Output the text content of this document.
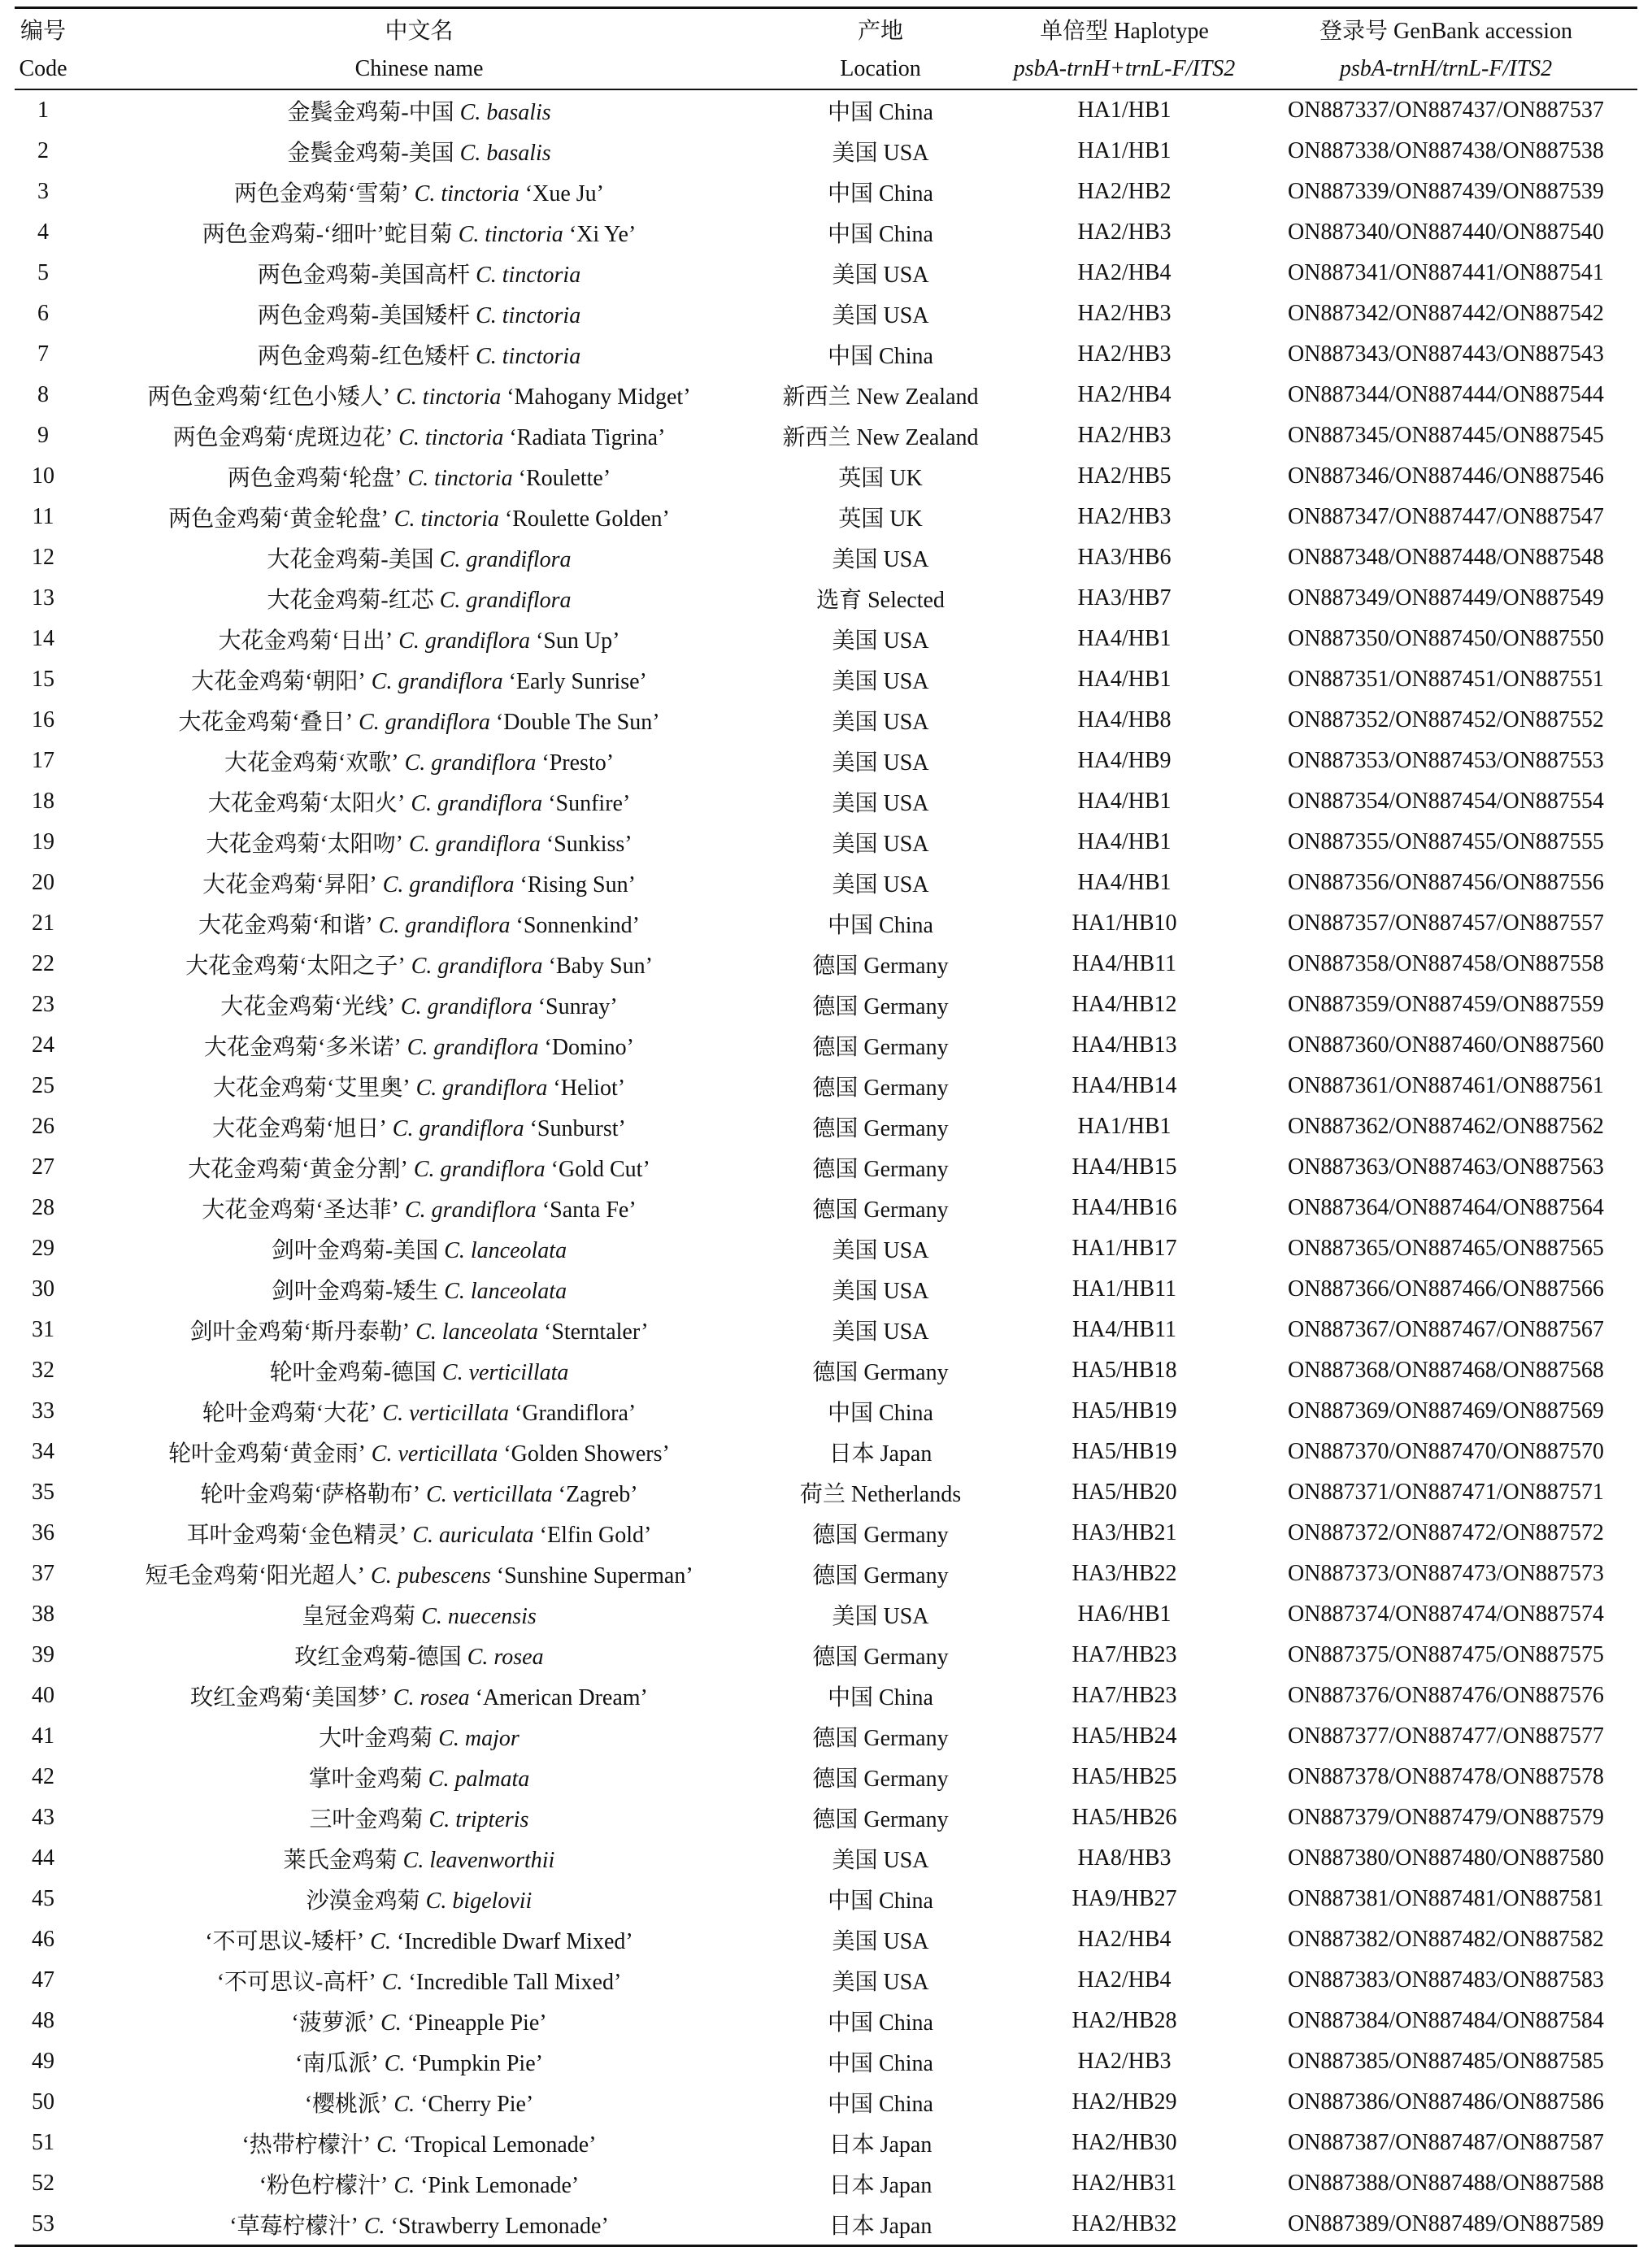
编号	中文名	产地	单倍型 Haplotype	登录号 GenBank accession
Code	Chinese name	Location	psbA-trnH+trnL-F/ITS2	psbA-trnH/trnL-F/ITS2
1	金鬓金鸡菊-中国 C. basalis	中国 China	HA1/HB1	ON887337/ON887437/ON887537
2	金鬓金鸡菊-美国 C. basalis	美国 USA	HA1/HB1	ON887338/ON887438/ON887538
3	两色金鸡菊‘雪菊’ C. tinctoria ‘Xue Ju’	中国 China	HA2/HB2	ON887339/ON887439/ON887539
4	两色金鸡菊-‘细叶’蛇目菊 C. tinctoria ‘Xi Ye’	中国 China	HA2/HB3	ON887340/ON887440/ON887540
5	两色金鸡菊-美国高杆 C. tinctoria	美国 USA	HA2/HB4	ON887341/ON887441/ON887541
6	两色金鸡菊-美国矮杆 C. tinctoria	美国 USA	HA2/HB3	ON887342/ON887442/ON887542
7	两色金鸡菊-红色矮杆 C. tinctoria	中国 China	HA2/HB3	ON887343/ON887443/ON887543
8	两色金鸡菊‘红色小矮人’ C. tinctoria ‘Mahogany Midget’	新西兰 New Zealand	HA2/HB4	ON887344/ON887444/ON887544
9	两色金鸡菊‘虎斑边花’ C. tinctoria ‘Radiata Tigrina’	新西兰 New Zealand	HA2/HB3	ON887345/ON887445/ON887545
10	两色金鸡菊‘轮盘’ C. tinctoria ‘Roulette’	英国 UK	HA2/HB5	ON887346/ON887446/ON887546
11	两色金鸡菊‘黄金轮盘’ C. tinctoria ‘Roulette Golden’	英国 UK	HA2/HB3	ON887347/ON887447/ON887547
12	大花金鸡菊-美国 C. grandiflora	美国 USA	HA3/HB6	ON887348/ON887448/ON887548
13	大花金鸡菊-红芯 C. grandiflora	选育 Selected	HA3/HB7	ON887349/ON887449/ON887549
14	大花金鸡菊‘日出’ C. grandiflora ‘Sun Up’	美国 USA	HA4/HB1	ON887350/ON887450/ON887550
15	大花金鸡菊‘朝阳’ C. grandiflora ‘Early Sunrise’	美国 USA	HA4/HB1	ON887351/ON887451/ON887551
16	大花金鸡菊‘叠日’ C. grandiflora ‘Double The Sun’	美国 USA	HA4/HB8	ON887352/ON887452/ON887552
17	大花金鸡菊‘欢歌’ C. grandiflora ‘Presto’	美国 USA	HA4/HB9	ON887353/ON887453/ON887553
18	大花金鸡菊‘太阳火’ C. grandiflora ‘Sunfire’	美国 USA	HA4/HB1	ON887354/ON887454/ON887554
19	大花金鸡菊‘太阳吻’ C. grandiflora ‘Sunkiss’	美国 USA	HA4/HB1	ON887355/ON887455/ON887555
20	大花金鸡菊‘昇阳’ C. grandiflora ‘Rising Sun’	美国 USA	HA4/HB1	ON887356/ON887456/ON887556
21	大花金鸡菊‘和谐’ C. grandiflora ‘Sonnenkind’	中国 China	HA1/HB10	ON887357/ON887457/ON887557
22	大花金鸡菊‘太阳之子’ C. grandiflora ‘Baby Sun’	德国 Germany	HA4/HB11	ON887358/ON887458/ON887558
23	大花金鸡菊‘光线’ C. grandiflora ‘Sunray’	德国 Germany	HA4/HB12	ON887359/ON887459/ON887559
24	大花金鸡菊‘多米诺’ C. grandiflora ‘Domino’	德国 Germany	HA4/HB13	ON887360/ON887460/ON887560
25	大花金鸡菊‘艾里奥’ C. grandiflora ‘Heliot’	德国 Germany	HA4/HB14	ON887361/ON887461/ON887561
26	大花金鸡菊‘旭日’ C. grandiflora ‘Sunburst’	德国 Germany	HA1/HB1	ON887362/ON887462/ON887562
27	大花金鸡菊‘黄金分割’ C. grandiflora ‘Gold Cut’	德国 Germany	HA4/HB15	ON887363/ON887463/ON887563
28	大花金鸡菊‘圣达菲’ C. grandiflora ‘Santa Fe’	德国 Germany	HA4/HB16	ON887364/ON887464/ON887564
29	剑叶金鸡菊-美国 C. lanceolata	美国 USA	HA1/HB17	ON887365/ON887465/ON887565
30	剑叶金鸡菊-矮生 C. lanceolata	美国 USA	HA1/HB11	ON887366/ON887466/ON887566
31	剑叶金鸡菊‘斯丹泰勒’ C. lanceolata ‘Sterntaler’	美国 USA	HA4/HB11	ON887367/ON887467/ON887567
32	轮叶金鸡菊-德国 C. verticillata	德国 Germany	HA5/HB18	ON887368/ON887468/ON887568
33	轮叶金鸡菊‘大花’ C. verticillata ‘Grandiflora’	中国 China	HA5/HB19	ON887369/ON887469/ON887569
34	轮叶金鸡菊‘黄金雨’ C. verticillata ‘Golden Showers’	日本 Japan	HA5/HB19	ON887370/ON887470/ON887570
35	轮叶金鸡菊‘萨格勒布’ C. verticillata ‘Zagreb’	荷兰 Netherlands	HA5/HB20	ON887371/ON887471/ON887571
36	耳叶金鸡菊‘金色精灵’ C. auriculata ‘Elfin Gold’	德国 Germany	HA3/HB21	ON887372/ON887472/ON887572
37	短毛金鸡菊‘阳光超人’ C. pubescens ‘Sunshine Superman’	德国 Germany	HA3/HB22	ON887373/ON887473/ON887573
38	皇冠金鸡菊 C. nuecensis	美国 USA	HA6/HB1	ON887374/ON887474/ON887574
39	玫红金鸡菊-德国 C. rosea	德国 Germany	HA7/HB23	ON887375/ON887475/ON887575
40	玫红金鸡菊‘美国梦’ C. rosea ‘American Dream’	中国 China	HA7/HB23	ON887376/ON887476/ON887576
41	大叶金鸡菊 C. major	德国 Germany	HA5/HB24	ON887377/ON887477/ON887577
42	掌叶金鸡菊 C. palmata	德国 Germany	HA5/HB25	ON887378/ON887478/ON887578
43	三叶金鸡菊 C. tripteris	德国 Germany	HA5/HB26	ON887379/ON887479/ON887579
44	莱氏金鸡菊 C. leavenworthii	美国 USA	HA8/HB3	ON887380/ON887480/ON887580
45	沙漠金鸡菊 C. bigelovii	中国 China	HA9/HB27	ON887381/ON887481/ON887581
46	‘不可思议-矮杆’ C. ‘Incredible Dwarf Mixed’	美国 USA	HA2/HB4	ON887382/ON887482/ON887582
47	‘不可思议-高杆’ C. ‘Incredible Tall Mixed’	美国 USA	HA2/HB4	ON887383/ON887483/ON887583
48	‘菠萝派’ C. ‘Pineapple Pie’	中国 China	HA2/HB28	ON887384/ON887484/ON887584
49	‘南瓜派’ C. ‘Pumpkin Pie’	中国 China	HA2/HB3	ON887385/ON887485/ON887585
50	‘樱桃派’ C. ‘Cherry Pie’	中国 China	HA2/HB29	ON887386/ON887486/ON887586
51	‘热带柠檬汁’ C. ‘Tropical Lemonade’	日本 Japan	HA2/HB30	ON887387/ON887487/ON887587
52	‘粉色柠檬汁’ C. ‘Pink Lemonade’	日本 Japan	HA2/HB31	ON887388/ON887488/ON887588
53	‘草莓柠檬汁’ C. ‘Strawberry Lemonade’	日本 Japan	HA2/HB32	ON887389/ON887489/ON887589
